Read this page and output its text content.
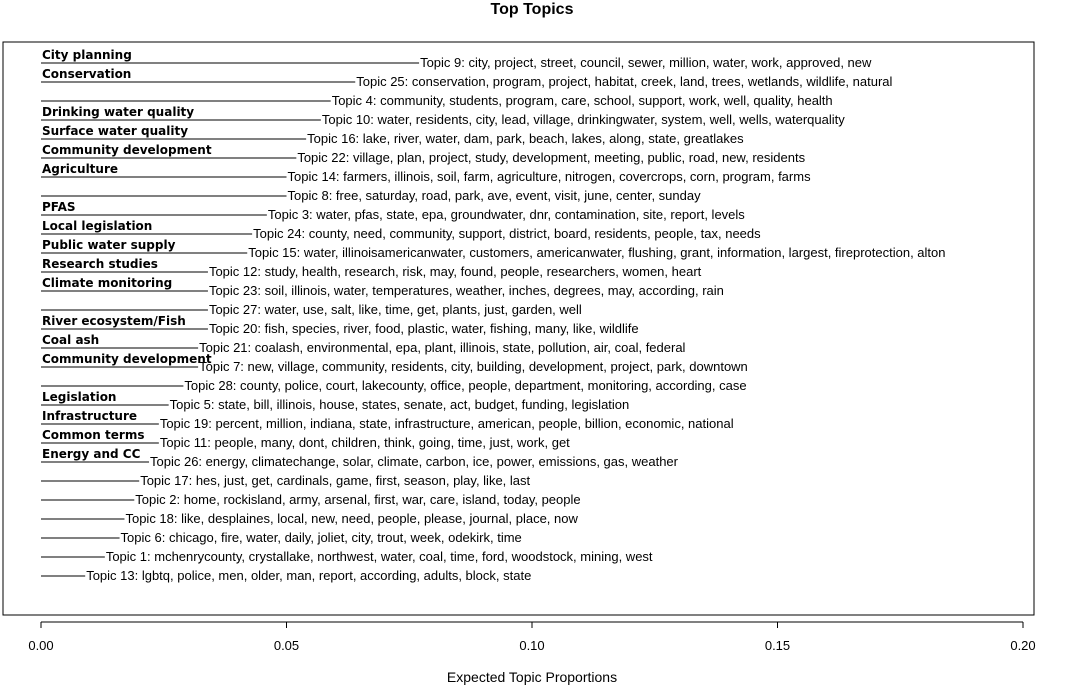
Top Topics
Topic 9: city, project, street, council, sewer, million, water, work, approved, new
City planning
Topic 25: conservation, program, project, habitat, creek, land, trees, wetlands, wildlife, natural
Conservation
Topic 4: community, students, program, care, school, support, work, well, quality, health
Topic 10: water, residents, city, lead, village, drinkingwater, system, well, wells, waterquality
Drinking water quality
Topic 16: lake, river, water, dam, park, beach, lakes, along, state, greatlakes
Surface water quality
Topic 22: village, plan, project, study, development, meeting, public, road, new, residents
Community development
Topic 14: farmers, illinois, soil, farm, agriculture, nitrogen, covercrops, corn, program, farms
Agriculture
Topic 8: free, saturday, road, park, ave, event, visit, june, center, sunday
Topic 3: water, pfas, state, epa, groundwater, dnr, contamination, site, report, levels
PFAS
Topic 24: county, need, community, support, district, board, residents, people, tax, needs
Local legislation
Topic 15: water, illinoisamericanwater, customers, americanwater, flushing, grant, information, largest, fireprotection, alton
Public water supply
Topic 12: study, health, research, risk, may, found, people, researchers, women, heart
Research studies
Topic 23: soil, illinois, water, temperatures, weather, inches, degrees, may, according, rain
Climate monitoring
Topic 27: water, use, salt, like, time, get, plants, just, garden, well
Topic 20: fish, species, river, food, plastic, water, fishing, many, like, wildlife
River ecosystem/Fish
Topic 21: coalash, environmental, epa, plant, illinois, state, pollution, air, coal, federal
Coal ash
Topic 7: new, village, community, residents, city, building, development, project, park, downtown
Community development
Topic 28: county, police, court, lakecounty, office, people, department, monitoring, according, case
Topic 5: state, bill, illinois, house, states, senate, act, budget, funding, legislation
Legislation
Topic 19: percent, million, indiana, state, infrastructure, american, people, billion, economic, national
Infrastructure
Topic 11: people, many, dont, children, think, going, time, just, work, get
Common terms
Topic 26: energy, climatechange, solar, climate, carbon, ice, power, emissions, gas, weather
Energy and CC
Topic 17: hes, just, get, cardinals, game, first, season, play, like, last
Topic 2: home, rockisland, army, arsenal, first, war, care, island, today, people
Topic 18: like, desplaines, local, new, need, people, please, journal, place, now
Topic 6: chicago, fire, water, daily, joliet, city, trout, week, odekirk, time
Topic 1: mchenrycounty, crystallake, northwest, water, coal, time, ford, woodstock, mining, west
Topic 13: lgbtq, police, men, older, man, report, according, adults, block, state
0.00	0.05	0.10	0.15	0.20
Expected Topic Proportions
